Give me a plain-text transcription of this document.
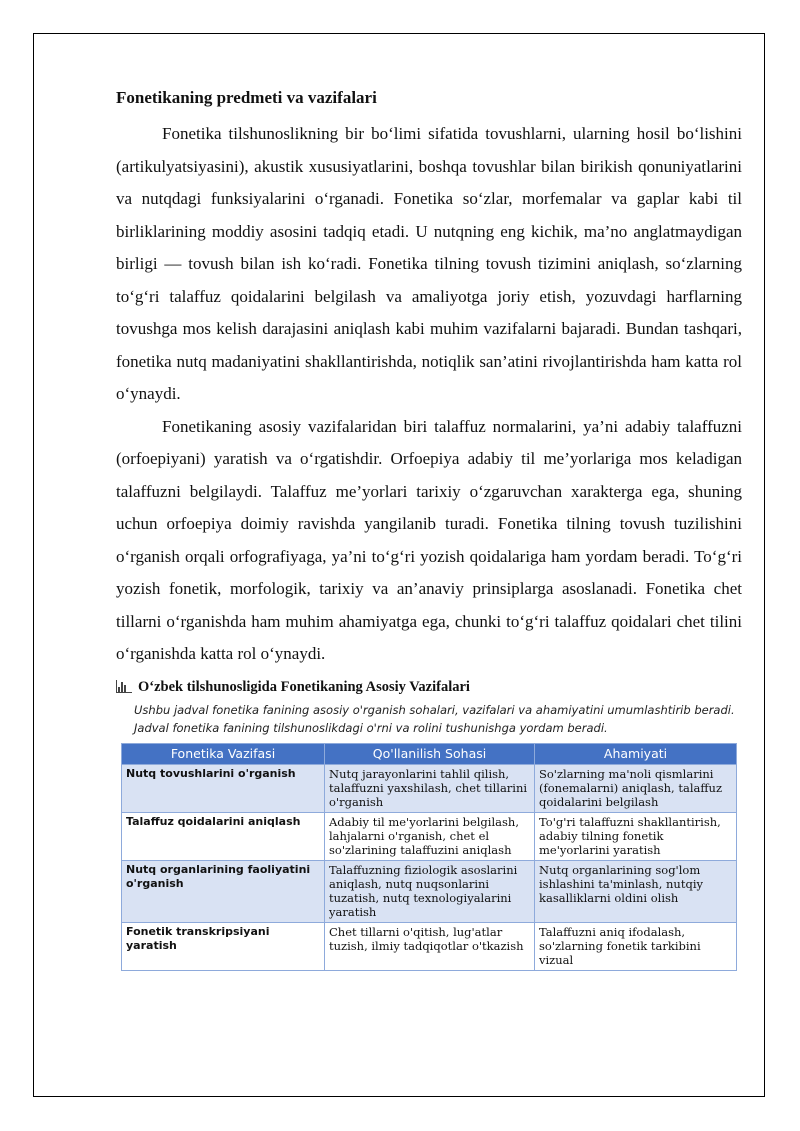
Fonetikaning predmeti va vazifalari

Fonetika tilshunoslikning bir bo‘limi sifatida tovushlarni, ularning hosil bo‘lishini (artikulyatsiyasini), akustik xususiyatlarini, boshqa tovushlar bilan birikish qonuniyatlarini va nutqdagi funksiyalarini o‘rganadi. Fonetika so‘zlar, morfemalar va gaplar kabi til birliklarining moddiy asosini tadqiq etadi. U nutqning eng kichik, ma’no anglatmaydigan birligi — tovush bilan ish ko‘radi. Fonetika tilning tovush tizimini aniqlash, so‘zlarning to‘g‘ri talaffuz qoidalarini belgilash va amaliyotga joriy etish, yozuvdagi harflarning tovushga mos kelish darajasini aniqlash kabi muhim vazifalarni bajaradi. Bundan tashqari, fonetika nutq madaniyatini shakllantirishda, notiqlik san’atini rivojlantirishda ham katta rol o‘ynaydi.

Fonetikaning asosiy vazifalaridan biri talaffuz normalarini, ya’ni adabiy talaffuzni (orfoepiyani) yaratish va o‘rgatishdir. Orfoepiya adabiy til me’yorlariga mos keladigan talaffuzni belgilaydi. Talaffuz me’yorlari tarixiy o‘zgaruvchan xarakterga ega, shuning uchun orfoepiya doimiy ravishda yangilanib turadi. Fonetika tilning tovush tuzilishini o‘rganish orqali orfografiyaga, ya’ni to‘g‘ri yozish qoidalariga ham yordam beradi. To‘g‘ri yozish fonetik, morfologik, tarixiy va an’anaviy prinsiplarga asoslanadi. Fonetika chet tillarni o‘rganishda ham muhim ahamiyatga ega, chunki to‘g‘ri talaffuz qoidalari chet tilini o‘rganishda katta rol o‘ynaydi.

O‘zbek tilshunosligida Fonetikaning Asosiy Vazifalari
Ushbu jadval fonetika fanining asosiy o'rganish sohalari, vazifalari va ahamiyatini umumlashtirib beradi. Jadval fonetika fanining tilshunoslikdagi o'rni va rolini tushunishga yordam beradi.
Fonetika Vazifasi	Qo'llanilish Sohasi	Ahamiyati
Nutq tovushlarini o'rganish	Nutq jarayonlarini tahlil qilish, talaffuzni yaxshilash, chet tillarini o'rganish	So'zlarning ma'noli qismlarini (fonemalarni) aniqlash, talaffuz qoidalarini belgilash
Talaffuz qoidalarini aniqlash	Adabiy til me'yorlarini belgilash, lahjalarni o'rganish, chet el so'zlarining talaffuzini aniqlash	To'g'ri talaffuzni shakllantirish, adabiy tilning fonetik me'yorlarini yaratish
Nutq organlarining faoliyatini o'rganish	Talaffuzning fiziologik asoslarini aniqlash, nutq nuqsonlarini tuzatish, nutq texnologiyalarini yaratish	Nutq organlarining sog'lom ishlashini ta'minlash, nutqiy kasalliklarni oldini olish
Fonetik transkripsiyani yaratish	Chet tillarni o'qitish, lug'atlar tuzish, ilmiy tadqiqotlar o'tkazish	Talaffuzni aniq ifodalash, so'zlarning fonetik tarkibini vizual
